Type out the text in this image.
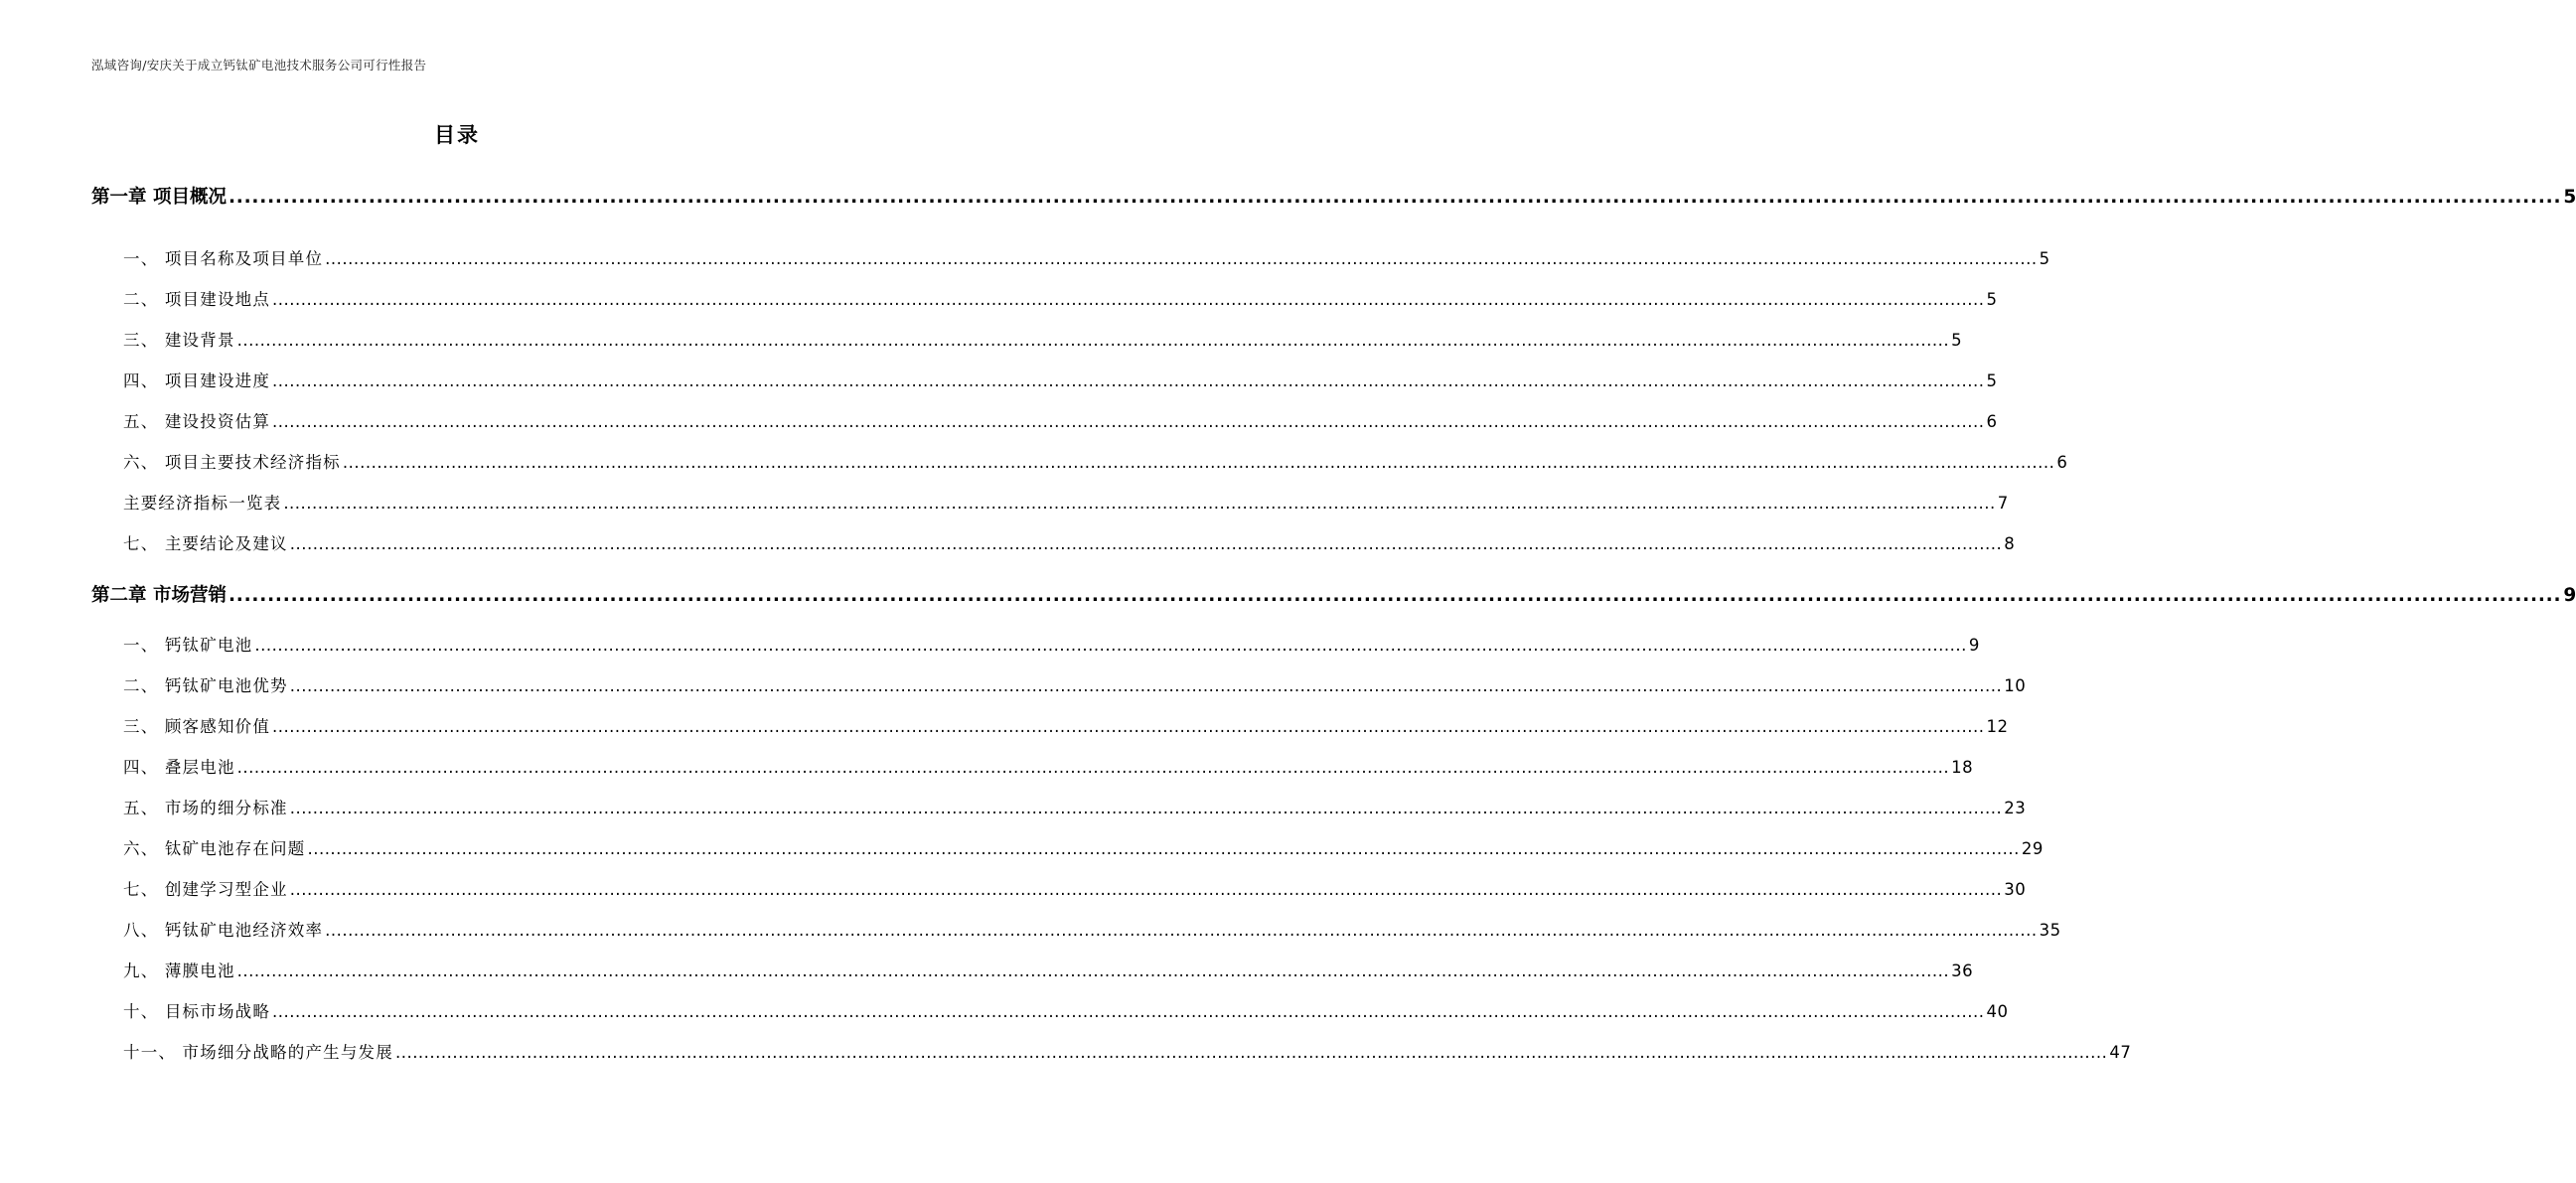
泓域咨询/安庆关于成立钙钛矿电池技术服务公司可行性报告
目录
第一章 项目概况 ............................................................................................................................................................................................................................................................................................................ 5
一、 项目名称及项目单位 ............................................................................................................................................................................................................................................................................................................ 5
二、 项目建设地点 ............................................................................................................................................................................................................................................................................................................ 5
三、 建设背景 ............................................................................................................................................................................................................................................................................................................ 5
四、 项目建设进度 ............................................................................................................................................................................................................................................................................................................ 5
五、 建设投资估算 ............................................................................................................................................................................................................................................................................................................ 6
六、 项目主要技术经济指标 ............................................................................................................................................................................................................................................................................................................ 6
主要经济指标一览表 ............................................................................................................................................................................................................................................................................................................ 7
七、 主要结论及建议 ............................................................................................................................................................................................................................................................................................................ 8
第二章 市场营销 ............................................................................................................................................................................................................................................................................................................ 9
一、 钙钛矿电池 ............................................................................................................................................................................................................................................................................................................ 9
二、 钙钛矿电池优势 ............................................................................................................................................................................................................................................................................................................ 10
三、 顾客感知价值 ............................................................................................................................................................................................................................................................................................................ 12
四、 叠层电池 ............................................................................................................................................................................................................................................................................................................ 18
五、 市场的细分标准 ............................................................................................................................................................................................................................................................................................................ 23
六、 钛矿电池存在问题 ............................................................................................................................................................................................................................................................................................................ 29
七、 创建学习型企业 ............................................................................................................................................................................................................................................................................................................ 30
八、 钙钛矿电池经济效率 ............................................................................................................................................................................................................................................................................................................ 35
九、 薄膜电池 ............................................................................................................................................................................................................................................................................................................ 36
十、 目标市场战略 ............................................................................................................................................................................................................................................................................................................ 40
十一、 市场细分战略的产生与发展 ............................................................................................................................................................................................................................................................................................................ 47
